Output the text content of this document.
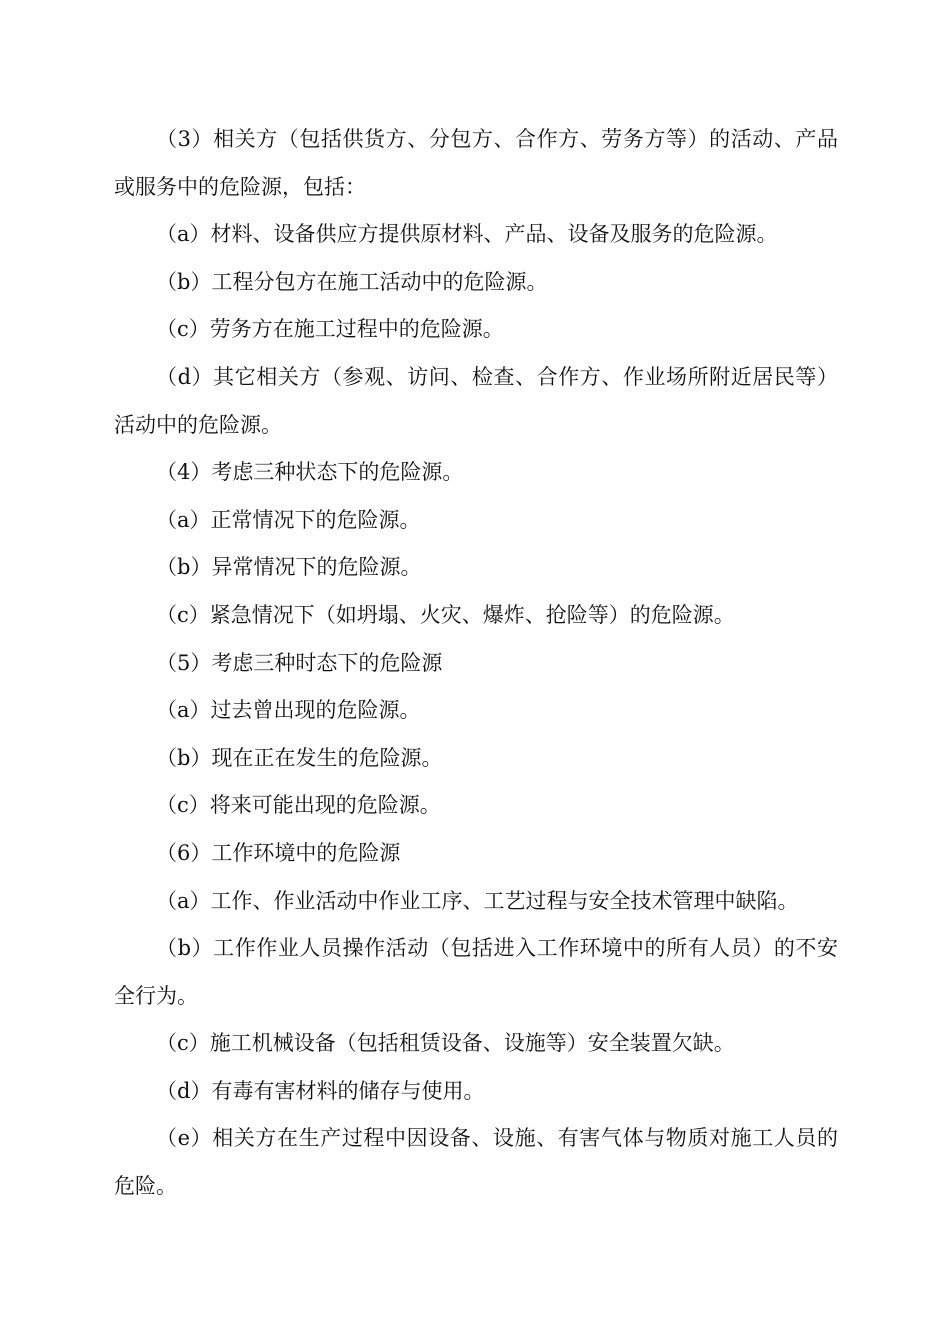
（3）相关方（包括供货方、分包方、合作方、劳务方等）的活动、产品或服务中的危险源，包括：

（a）材料、设备供应方提供原材料、产品、设备及服务的危险源。

（b）工程分包方在施工活动中的危险源。

（c）劳务方在施工过程中的危险源。

（d）其它相关方（参观、访问、检查、合作方、作业场所附近居民等）活动中的危险源。

（4）考虑三种状态下的危险源。

（a）正常情况下的危险源。

（b）异常情况下的危险源。

（c）紧急情况下（如坍塌、火灾、爆炸、抢险等）的危险源。

（5）考虑三种时态下的危险源

（a）过去曾出现的危险源。

（b）现在正在发生的危险源。

（c）将来可能出现的危险源。

（6）工作环境中的危险源

（a）工作、作业活动中作业工序、工艺过程与安全技术管理中缺陷。

（b）工作作业人员操作活动（包括进入工作环境中的所有人员）的不安全行为。

（c）施工机械设备（包括租赁设备、设施等）安全装置欠缺。

（d）有毒有害材料的储存与使用。

（e）相关方在生产过程中因设备、设施、有害气体与物质对施工人员的危险。
